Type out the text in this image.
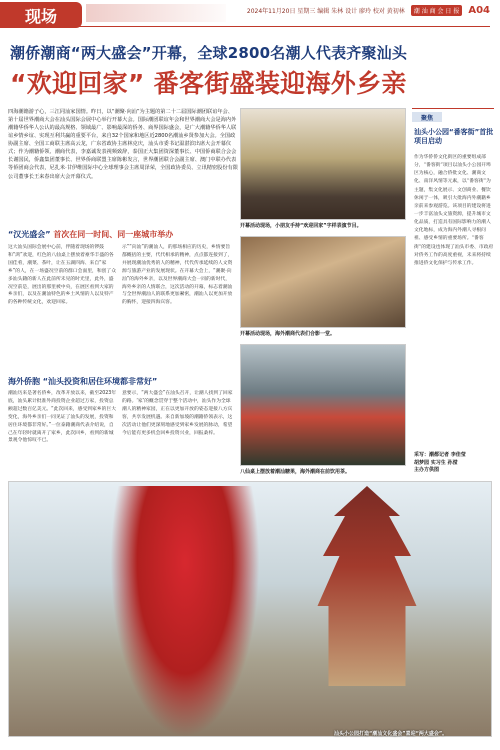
现场	2024年11月20日 星期三 编辑 朱林 设计 廖玲 校对 黄初林	潮 汕 商 会 日 报 A04
潮侨潮商“两大盛会”开幕，全球2800名潮人代表齐聚汕头
“欢迎回家” 番客街盛装迎海外乡亲
四海潮籍游子心，三江同汕家国情。昨日，以“潮聚·向汕”为主题的第二十二届国际潮团联谊年会、第十届世界潮商大会在汕头国际会展中心举行开幕大会。国际潮团联谊年会和世界潮商大会是海内外潮籍华侨华人公认的最高规格、领域最广、影响最深的侨务、商界国际盛会，是广大潮籍华侨华人联谊乡情乡谊、实现互利共赢的重要平台，来自32个国家和地区近2800名潮汕乡贤参加大会。全国政协副主席、全国工商联主席高云龙，广东省政协主席林克庆，汕头市委书记温湛滨出席大会开幕仪式；作为潮籍侨领、潮商代表，李嘉诚发表视频致辞，泰国正大集团资深董事长、中国侨商联合会会长谢国民，侨鑫集团董事长、世界侨商联盟主席陈彬发言，世界潮团联合会副主席、澳门中联办代表等侨团商会代表，尼扎米·甘伊维国际中心全球理事会主席周泽荣，全国政协委员、立讯精密股份有限公司董事长王来春出席大会开幕仪式。
开幕活动现场，小朋友手持“欢迎回家”字样表演节目。
开幕活动现场，海外潮商代表们合影一堂。
八仙桌上摆放着潮汕糖果，海外潮商在前饮用茶。
“汉光盛会” 首次在同一时间、同一座城市举办
这大汕头国际会展中心前，伴随着现场的锣鼓和“鸿”欢迎，红色的八仙桌上摆放着豪华丰盛的各国佳肴，潮菜、茶叶，让在五湖四海、来自“家乡”的人，在一场盛况空前的群口会面里，和创了众多汕头籍的新人在此前所未见的时光里，此外，盛况空前是，展出的那里被中央，在展区看到大家的乡亲们，以及在潮汕特色的乡土风情的人以及特产的各种传统文化，欢迎回家。
示”“向汕”的潮汕人，的那场相应的历史，乡情要旨都概括的主要，代代相承的精神，点点都连接到了，并展现潮汕优秀的人的精神，代代传承延续的人文资源与旅游产业的发展现状。在开幕大会上，“潮聚·向汕”的海外乡亲，以及世界潮商大会一同的新时代，海外乡亲的人情联合，这次活动的开幕，标志着潮汕与全世界潮汕人的联系更加紧密，潮汕人以更加开放的胸怀，迎接四海宾客。
海外侨胞 “汕头投资和居住环境都非常好”
潮汕历来是著名侨乡，改革开放以来，截至2023年底，汕头累计批准外商投资企业超过万家，投资总额超过数百亿美元。“此次回来，感受到家乡的巨大变化，海外乡亲们一同见证了汕头的发展，投资和居住环境都非常好。”一位泰籍潮商代表介绍说，自己在年轻时就离开了家乡，此次回乡，看到的新城景观令他惊叹不已。
意要示，“两大盛会”在汕头召开，让潮人找到了回家的路。‘家’的概念贯穿于整个活动中，汕头作为全球潮人的精神家园，正在以更加开放的姿态迎接八方宾客，共享发展机遇。来自新加坡的潮籍侨领表示，这次活动让他们更深刻地感受到家乡发展的脉动，希望今后能有更多机会回乡投资兴业，回报桑梓。
聚焦
汕头小公园“番客街”首批项目启动
作为华侨侨文化街区的重要组成部分，“番客街”项目以汕头小公园开埠区为核心，融合侨批文化、潮商文化、南洋风情等元素，以“番客街”为主题，集文化展示、文创商业、餐饮休闲于一体，吸引大批海内外潮籍乡亲前来参观游览。该项目的建设将进一步丰富汕头文旅资源，提升城市文化品质，打造具有国际影响力的潮人文化地标，成为海内外潮人寻根问祖、感受乡情的重要场所。“番客街”的建设也体现了汕头市委、市政府对侨务工作的高度重视，未来将持续推进侨文化保护与传承工作。
采写：潮都记者 李佳莹
胡梦园 实习生 孙滢
主办方供图
汕头小公园打造“潮汕文化盛会”喜迎“两大盛会”。
